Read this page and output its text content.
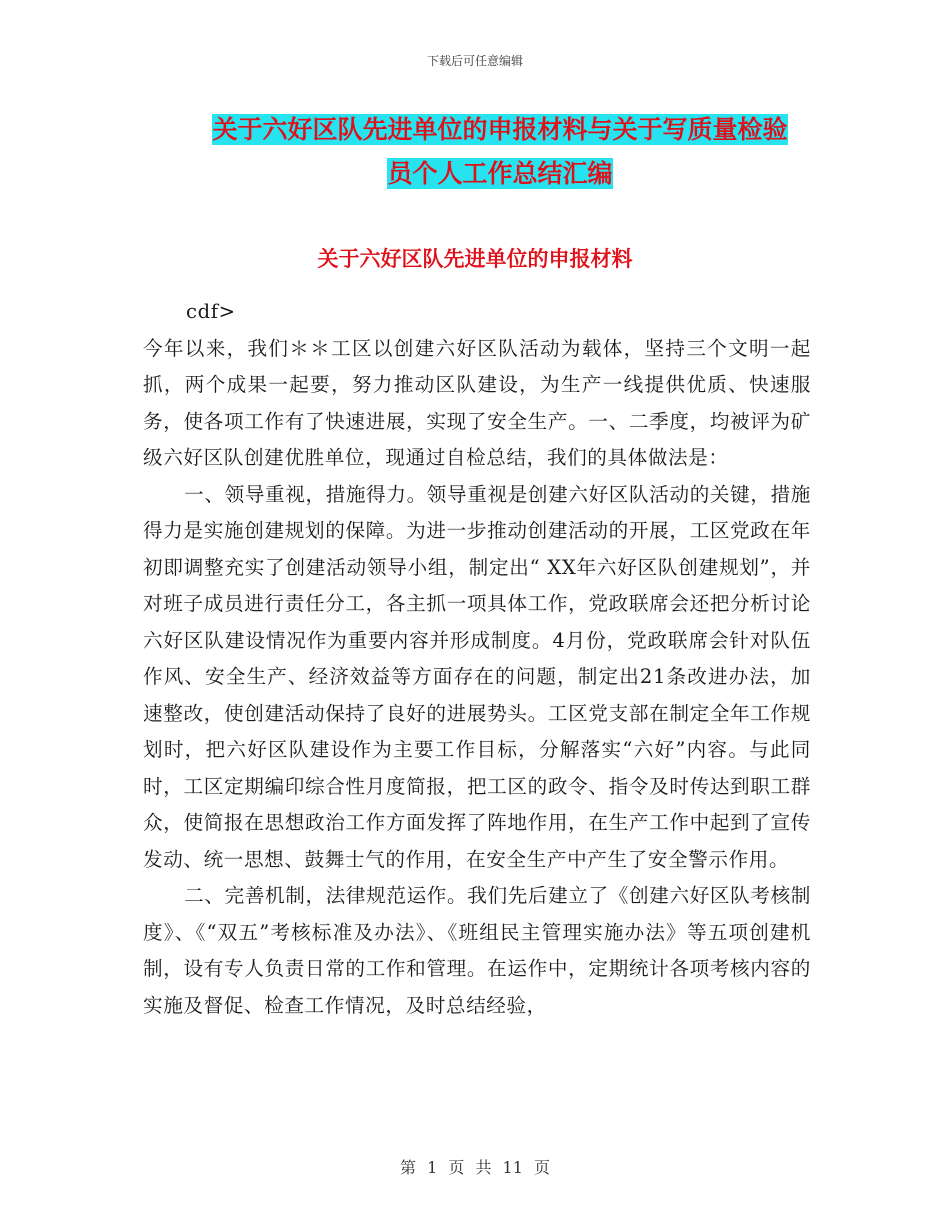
下载后可任意编辑
关于六好区队先进单位的申报材料与关于写质量检验
员个人工作总结汇编
关于六好区队先进单位的申报材料

cdf>

今年以来，我们＊＊工区以创建六好区队活动为载体，坚持三个文明一起抓，两个成果一起要，努力推动区队建设，为生产一线提供优质、快速服务，使各项工作有了快速进展，实现了安全生产。一、二季度，均被评为矿级六好区队创建优胜单位，现通过自检总结，我们的具体做法是：

一、领导重视，措施得力。领导重视是创建六好区队活动的关键，措施得力是实施创建规划的保障。为进一步推动创建活动的开展，工区党政在年初即调整充实了创建活动领导小组，制定出“ XX年六好区队创建规划”，并对班子成员进行责任分工，各主抓一项具体工作，党政联席会还把分析讨论六好区队建设情况作为重要内容并形成制度。4月份，党政联席会针对队伍作风、安全生产、经济效益等方面存在的问题，制定出21条改进办法，加速整改，使创建活动保持了良好的进展势头。工区党支部在制定全年工作规划时，把六好区队建设作为主要工作目标，分解落实“六好”内容。与此同时，工区定期编印综合性月度简报，把工区的政令、指令及时传达到职工群众，使简报在思想政治工作方面发挥了阵地作用，在生产工作中起到了宣传发动、统一思想、鼓舞士气的作用，在安全生产中产生了安全警示作用。

二、完善机制，法律规范运作。我们先后建立了《创建六好区队考核制度》、《“双五”考核标准及办法》、《班组民主管理实施办法》等五项创建机制，设有专人负责日常的工作和管理。在运作中，定期统计各项考核内容的实施及督促、检查工作情况，及时总结经验，

第 1 页 共 11 页
